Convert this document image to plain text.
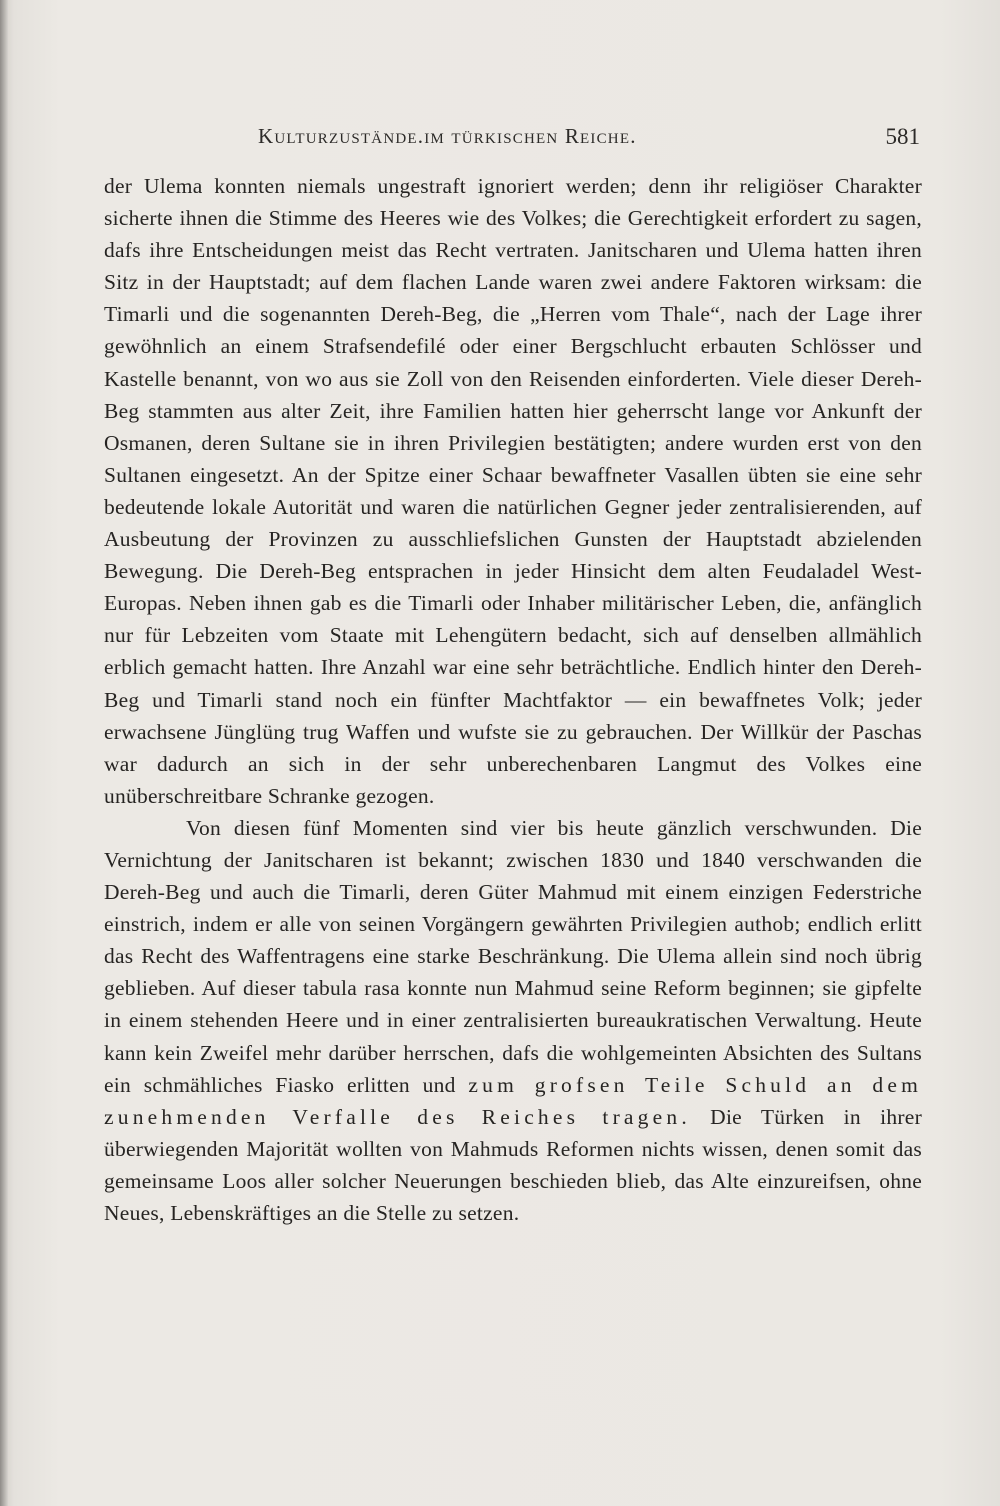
Kulturzustände.im türkischen Reiche.	581

der Ulema konnten niemals ungestraft ignoriert werden; denn ihr religiöser Charakter sicherte ihnen die Stimme des Heeres wie des Volkes; die Gerechtigkeit erfordert zu sagen, dafs ihre Entscheidungen meist das Recht vertraten. Janitscharen und Ulema hatten ihren Sitz in der Hauptstadt; auf dem flachen Lande waren zwei andere Faktoren wirksam: die Timarli und die sogenannten Dereh-Beg, die „Herren vom Thale“, nach der Lage ihrer gewöhnlich an einem Strafsendefilé oder einer Bergschlucht erbauten Schlösser und Kastelle benannt, von wo aus sie Zoll von den Reisenden einforderten. Viele dieser Dereh-Beg stammten aus alter Zeit, ihre Familien hatten hier geherrscht lange vor Ankunft der Osmanen, deren Sultane sie in ihren Privilegien bestätigten; andere wurden erst von den Sultanen eingesetzt. An der Spitze einer Schaar bewaffneter Vasallen übten sie eine sehr bedeutende lokale Autorität und waren die natürlichen Gegner jeder zentralisierenden, auf Ausbeutung der Provinzen zu ausschliefslichen Gunsten der Hauptstadt abzielenden Bewegung. Die Dereh-Beg entsprachen in jeder Hinsicht dem alten Feudaladel West-Europas. Neben ihnen gab es die Timarli oder Inhaber militärischer Leben, die, anfänglich nur für Lebzeiten vom Staate mit Lehengütern bedacht, sich auf denselben allmählich erblich gemacht hatten. Ihre Anzahl war eine sehr beträchtliche. Endlich hinter den Dereh-Beg und Timarli stand noch ein fünfter Machtfaktor — ein bewaffnetes Volk; jeder erwachsene Jünglüng trug Waffen und wufste sie zu gebrauchen. Der Willkür der Paschas war dadurch an sich in der sehr unberechenbaren Langmut des Volkes eine unüberschreitbare Schranke gezogen.

Von diesen fünf Momenten sind vier bis heute gänzlich verschwunden. Die Vernichtung der Janitscharen ist bekannt; zwischen 1830 und 1840 verschwanden die Dereh-Beg und auch die Timarli, deren Güter Mahmud mit einem einzigen Federstriche einstrich, indem er alle von seinen Vorgängern gewährten Privilegien authob; endlich erlitt das Recht des Waffentragens eine starke Beschränkung. Die Ulema allein sind noch übrig geblieben. Auf dieser tabula rasa konnte nun Mahmud seine Reform beginnen; sie gipfelte in einem stehenden Heere und in einer zentralisierten bureaukratischen Verwaltung. Heute kann kein Zweifel mehr darüber herrschen, dafs die wohlgemeinten Absichten des Sultans ein schmähliches Fiasko erlitten und zum grofsen Teile Schuld an dem zunehmenden Verfalle des Reiches tragen. Die Türken in ihrer überwiegenden Majorität wollten von Mahmuds Reformen nichts wissen, denen somit das gemeinsame Loos aller solcher Neuerungen beschieden blieb, das Alte einzureifsen, ohne Neues, Lebenskräftiges an die Stelle zu setzen.
